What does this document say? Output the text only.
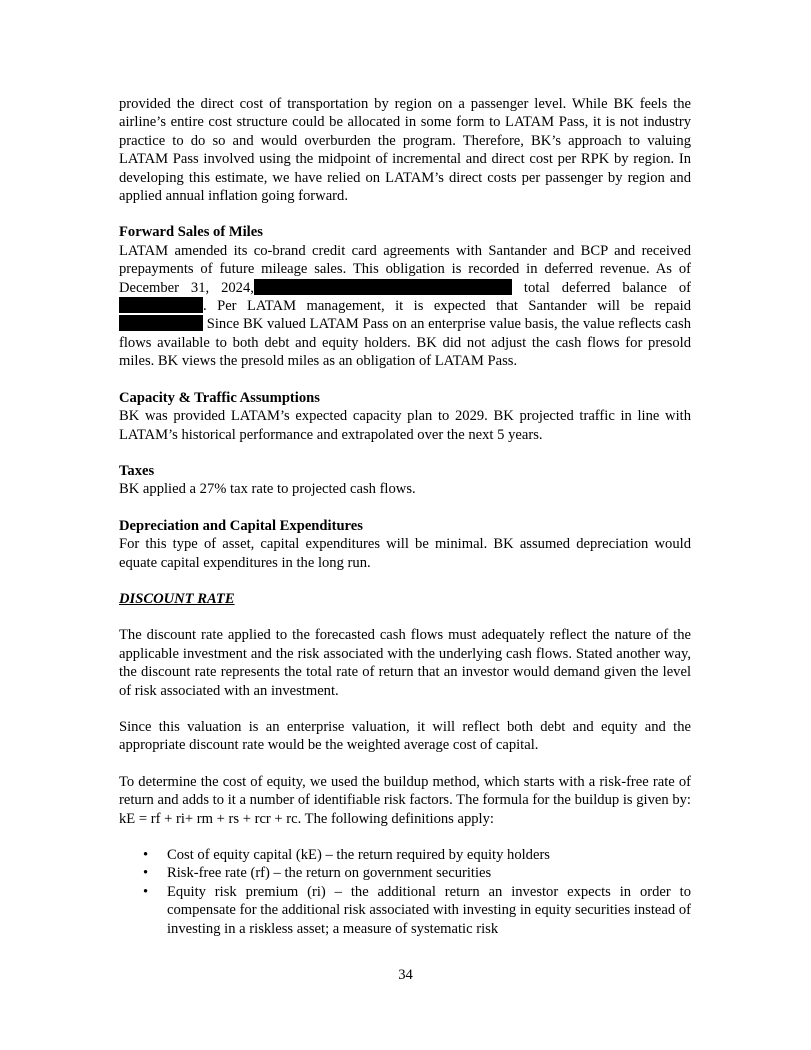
provided the direct cost of transportation by region on a passenger level. While BK feels the airline’s entire cost structure could be allocated in some form to LATAM Pass, it is not industry practice to do so and would overburden the program. Therefore, BK’s approach to valuing LATAM Pass involved using the midpoint of incremental and direct cost per RPK by region. In developing this estimate, we have relied on LATAM’s direct costs per passenger by region and applied annual inflation going forward.

Forward Sales of Miles

LATAM amended its co-brand credit card agreements with Santander and BCP and received prepayments of future mileage sales. This obligation is recorded in deferred revenue. As of December 31, 2024,	total deferred balance of. Per LATAM management, it is expected that Santander will be repaid  Since BK valued LATAM Pass on an enterprise value basis, the value reflects cash flows available to both debt and equity holders. BK did not adjust the cash flows for presold miles. BK views the presold miles as an obligation of LATAM Pass.

Capacity & Traffic Assumptions

BK was provided LATAM’s expected capacity plan to 2029. BK projected traffic in line with LATAM’s historical performance and extrapolated over the next 5 years.

Taxes

BK applied a 27% tax rate to projected cash flows.

Depreciation and Capital Expenditures

For this type of asset, capital expenditures will be minimal. BK assumed depreciation would equate capital expenditures in the long run.

DISCOUNT RATE

The discount rate applied to the forecasted cash flows must adequately reflect the nature of the applicable investment and the risk associated with the underlying cash flows. Stated another way, the discount rate represents the total rate of return that an investor would demand given the level of risk associated with an investment.

Since this valuation is an enterprise valuation, it will reflect both debt and equity and the appropriate discount rate would be the weighted average cost of capital.

To determine the cost of equity, we used the buildup method, which starts with a risk-free rate of return and adds to it a number of identifiable risk factors. The formula for the buildup is given by: kE = rf + ri+ rm + rs + rcr + rc. The following definitions apply:

• Cost of equity capital (kE) – the return required by equity holders
• Risk-free rate (rf) – the return on government securities
• Equity risk premium (ri) – the additional return an investor expects in order to compensate for the additional risk associated with investing in equity securities instead of investing in a riskless asset; a measure of systematic risk
34
